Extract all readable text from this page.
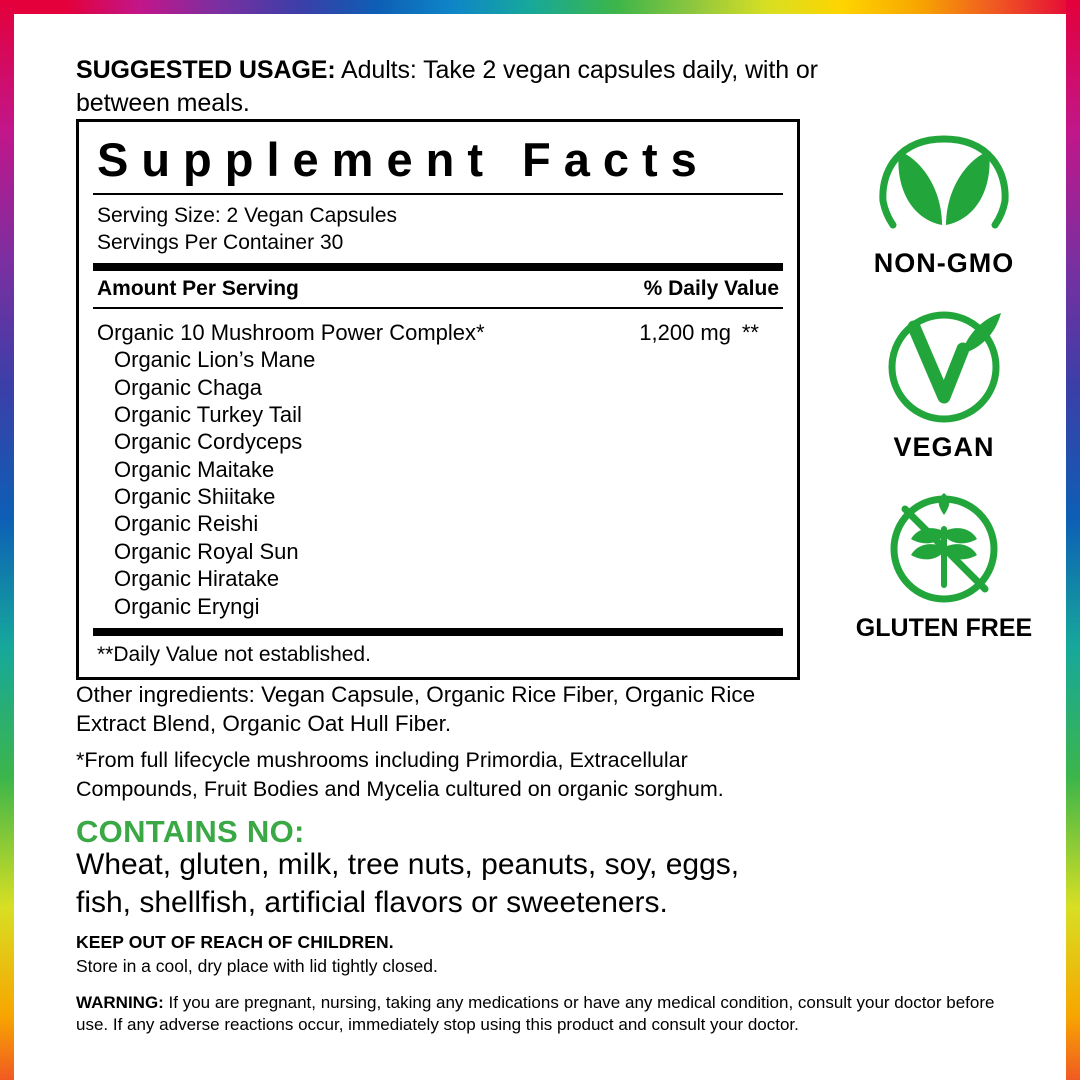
SUGGESTED USAGE: Adults: Take 2 vegan capsules daily, with or between meals.
Supplement Facts
Serving Size: 2 Vegan Capsules
Servings Per Container 30
Amount Per Serving	% Daily Value
Organic 10 Mushroom Power Complex*	1,200 mg **
Organic Lion’s Mane
Organic Chaga
Organic Turkey Tail
Organic Cordyceps
Organic Maitake
Organic Shiitake
Organic Reishi
Organic Royal Sun
Organic Hiratake
Organic Eryngi
**Daily Value not established.
NON-GMO
VEGAN
GLUTEN FREE
Other ingredients: Vegan Capsule, Organic Rice Fiber, Organic Rice Extract Blend, Organic Oat Hull Fiber.
*From full lifecycle mushrooms including Primordia, Extracellular Compounds, Fruit Bodies and Mycelia cultured on organic sorghum.
CONTAINS NO:
Wheat, gluten, milk, tree nuts, peanuts, soy, eggs, fish, shellfish, artificial flavors or sweeteners.
KEEP OUT OF REACH OF CHILDREN.
Store in a cool, dry place with lid tightly closed.
WARNING: If you are pregnant, nursing, taking any medications or have any medical condition, consult your doctor before use. If any adverse reactions occur, immediately stop using this product and consult your doctor.
